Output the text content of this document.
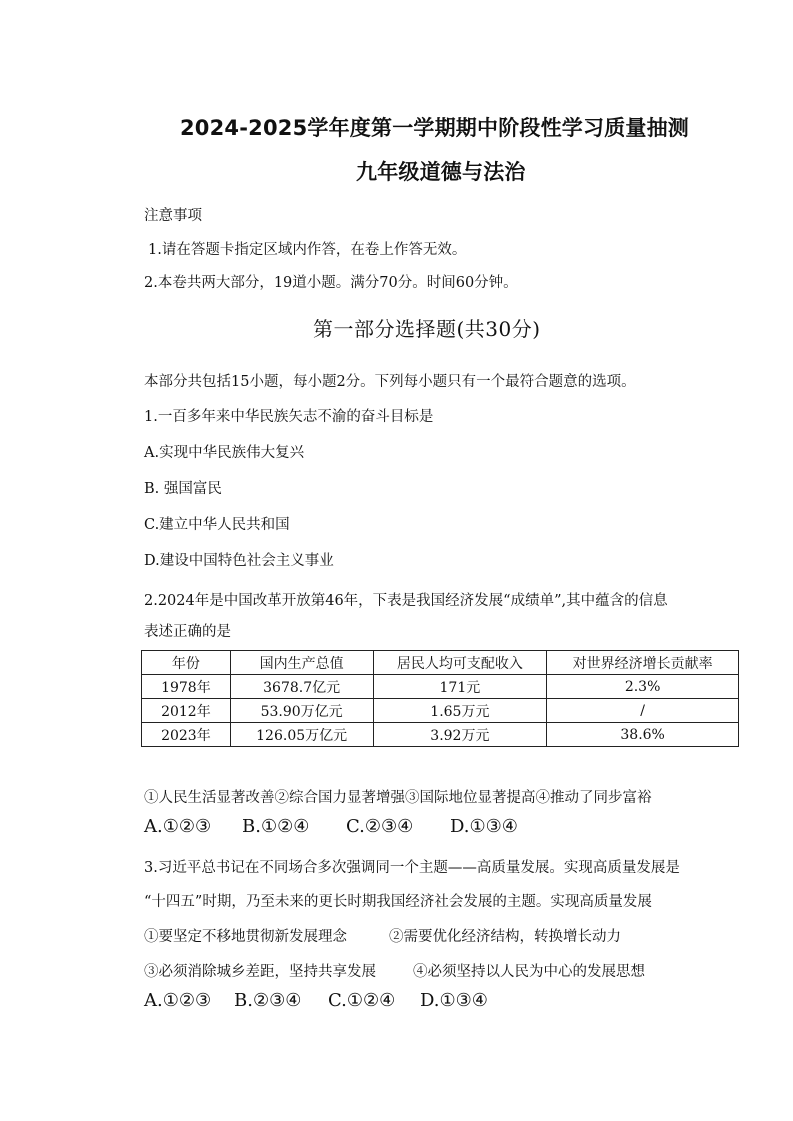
2024-2025学年度第一学期期中阶段性学习质量抽测
九年级道德与法治
注意事项
1.请在答题卡指定区域内作答，在卷上作答无效。
2.本卷共两大部分，19道小题。满分70分。时间60分钟。
第一部分选择题(共30分)
本部分共包括15小题，每小题2分。下列每小题只有一个最符合题意的选项。
1.一百多年来中华民族矢志不渝的奋斗目标是
A.实现中华民族伟大复兴
B. 强国富民
C.建立中华人民共和国
D.建设中国特色社会主义事业
2.2024年是中国改革开放第46年，下表是我国经济发展“成绩单”,其中蕴含的信息
表述正确的是
年份	国内生产总值	居民人均可支配收入	对世界经济增长贡献率
1978年	3678.7亿元	171元	2.3%
2012年	53.90万亿元	1.65万元	/
2023年	126.05万亿元	3.92万元	38.6%
①人民生活显著改善②综合国力显著增强③国际地位显著提高④推动了同步富裕
A.①②③ B.①②④ C.②③④ D.①③④
3.习近平总书记在不同场合多次强调同一个主题——高质量发展。实现高质量发展是
“十四五”时期，乃至未来的更长时期我国经济社会发展的主题。实现高质量发展
①要坚定不移地贯彻新发展理念	②需要优化经济结构，转换增长动力
③必须消除城乡差距，坚持共享发展	④必须坚持以人民为中心的发展思想
A.①②③ B.②③④ C.①②④ D.①③④
